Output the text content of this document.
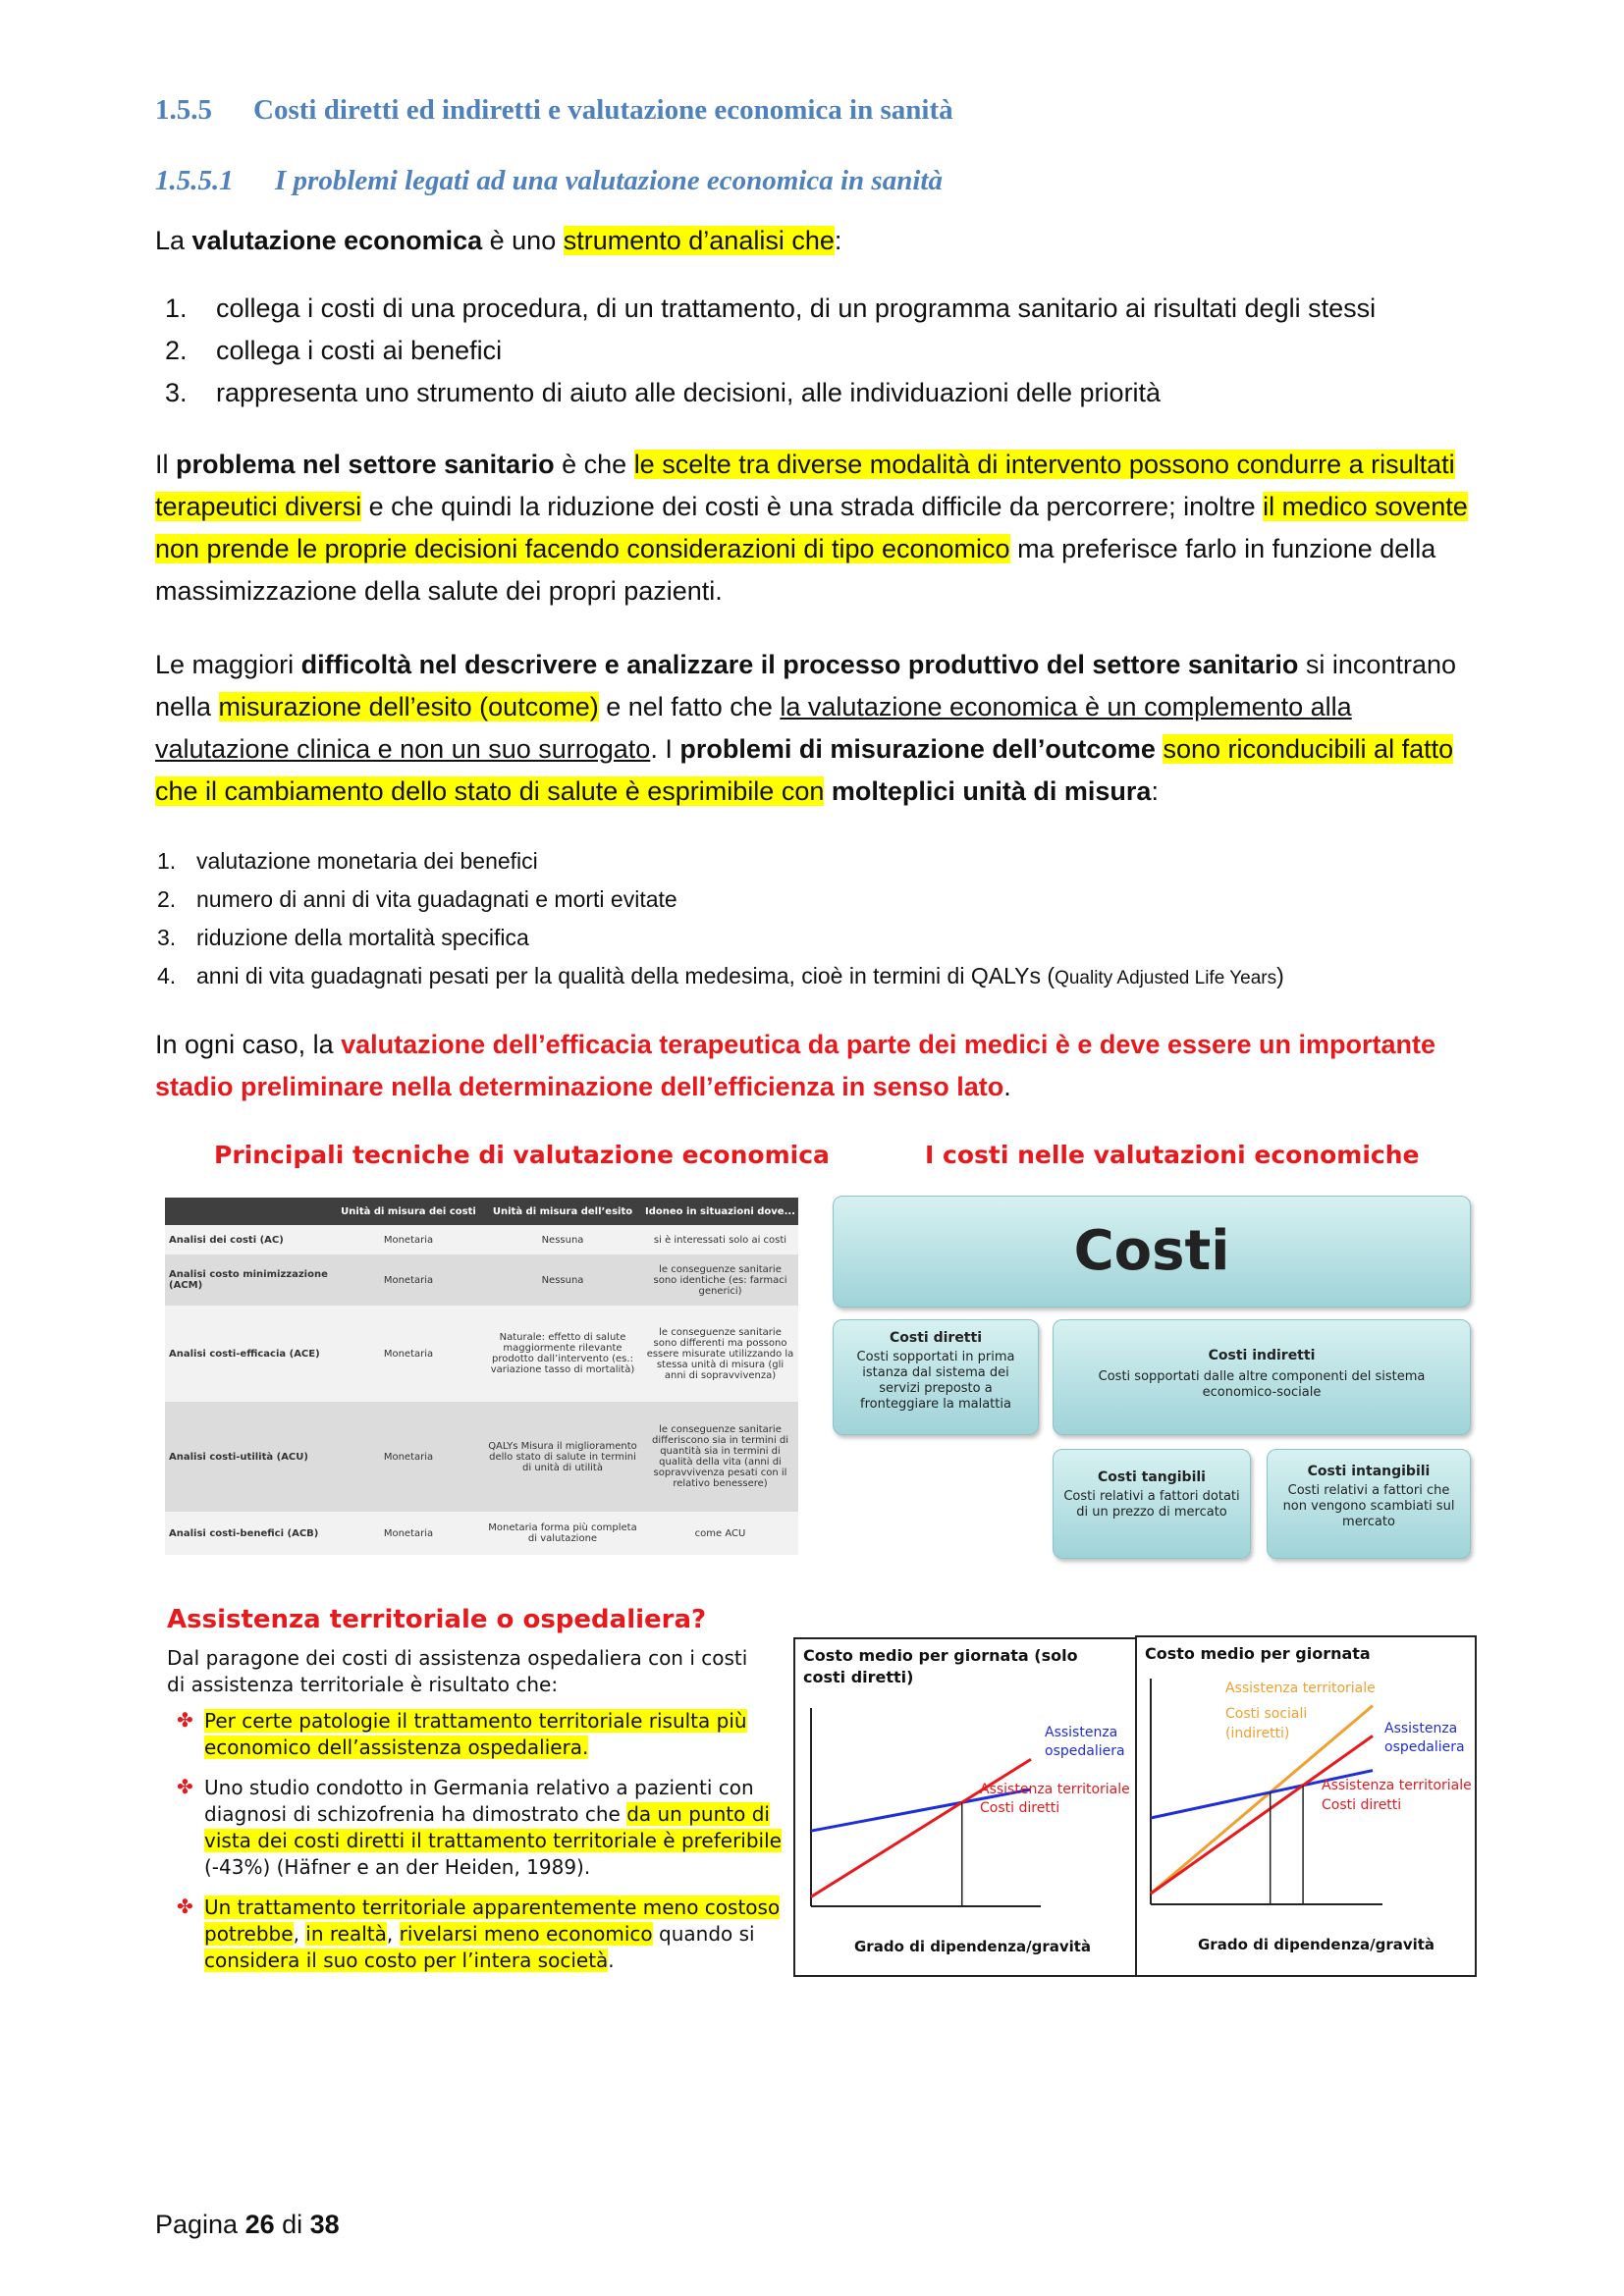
1.5.5 Costi diretti ed indiretti e valutazione economica in sanità
1.5.5.1 I problemi legati ad una valutazione economica in sanità
La valutazione economica è uno strumento d’analisi che:
1. collega i costi di una procedura, di un trattamento, di un programma sanitario ai risultati degli stessi
2. collega i costi ai benefici
3. rappresenta uno strumento di aiuto alle decisioni, alle individuazioni delle priorità
Il problema nel settore sanitario è che le scelte tra diverse modalità di intervento possono condurre a risultati terapeutici diversi e che quindi la riduzione dei costi è una strada difficile da percorrere; inoltre il medico sovente non prende le proprie decisioni facendo considerazioni di tipo economico ma preferisce farlo in funzione della massimizzazione della salute dei propri pazienti.
Le maggiori difficoltà nel descrivere e analizzare il processo produttivo del settore sanitario si incontrano nella misurazione dell’esito (outcome) e nel fatto che la valutazione economica è un complemento alla valutazione clinica e non un suo surrogato. I problemi di misurazione dell’outcome sono riconducibili al fatto che il cambiamento dello stato di salute è esprimibile con molteplici unità di misura:
1. valutazione monetaria dei benefici
2. numero di anni di vita guadagnati e morti evitate
3. riduzione della mortalità specifica
4. anni di vita guadagnati pesati per la qualità della medesima, cioè in termini di QALYs (Quality Adjusted Life Years)
In ogni caso, la valutazione dell’efficacia terapeutica da parte dei medici è e deve essere un importante stadio preliminare nella determinazione dell’efficienza in senso lato.
Principali tecniche di valutazione economica
	Unità di misura dei costi	Unità di misura dell’esito	Idoneo in situazioni dove...
Analisi dei costi (AC)	Monetaria	Nessuna	si è interessati solo ai costi
Analisi costo minimizzazione (ACM)	Monetaria	Nessuna	le conseguenze sanitarie sono identiche (es: farmaci generici)
Analisi costi-efficacia (ACE)	Monetaria	Naturale: effetto di salute maggiormente rilevante prodotto dall’intervento (es.: variazione tasso di mortalità)	le conseguenze sanitarie sono differenti ma possono essere misurate utilizzando la stessa unità di misura (gli anni di sopravvivenza)
Analisi costi-utilità (ACU)	Monetaria	QALYs Misura il miglioramento dello stato di salute in termini di unità di utilità	le conseguenze sanitarie differiscono sia in termini di quantità sia in termini di qualità della vita (anni di sopravvivenza pesati con il relativo benessere)
Analisi costi-benefici (ACB)	Monetaria	Monetaria forma più completa di valutazione	come ACU
I costi nelle valutazioni economiche
Costi
Costi diretti
Costi sopportati in prima istanza dal sistema dei servizi preposto a fronteggiare la malattia
Costi indiretti
Costi sopportati dalle altre componenti del sistema economico-sociale
Costi tangibili
Costi relativi a fattori dotati di un prezzo di mercato
Costi intangibili
Costi relativi a fattori che non vengono scambiati sul mercato
Assistenza territoriale o ospedaliera?
Dal paragone dei costi di assistenza ospedaliera con i costi di assistenza territoriale è risultato che:
✤ Per certe patologie il trattamento territoriale risulta più economico dell’assistenza ospedaliera.
✤ Uno studio condotto in Germania relativo a pazienti con diagnosi di schizofrenia ha dimostrato che da un punto di vista dei costi diretti il trattamento territoriale è preferibile (-43%) (Häfner e an der Heiden, 1989).
✤ Un trattamento territoriale apparentemente meno costoso potrebbe, in realtà, rivelarsi meno economico quando si considera il suo costo per l’intera società.
Costo medio per giornata (solo costi diretti)
Assistenza ospedaliera
Assistenza territoriale
Costi diretti
Grado di dipendenza/gravità
Costo medio per giornata
Assistenza territoriale
Costi sociali (indiretti)	Assistenza ospedaliera
Assistenza territoriale
Costi diretti
Grado di dipendenza/gravità
Pagina 26 di 38
